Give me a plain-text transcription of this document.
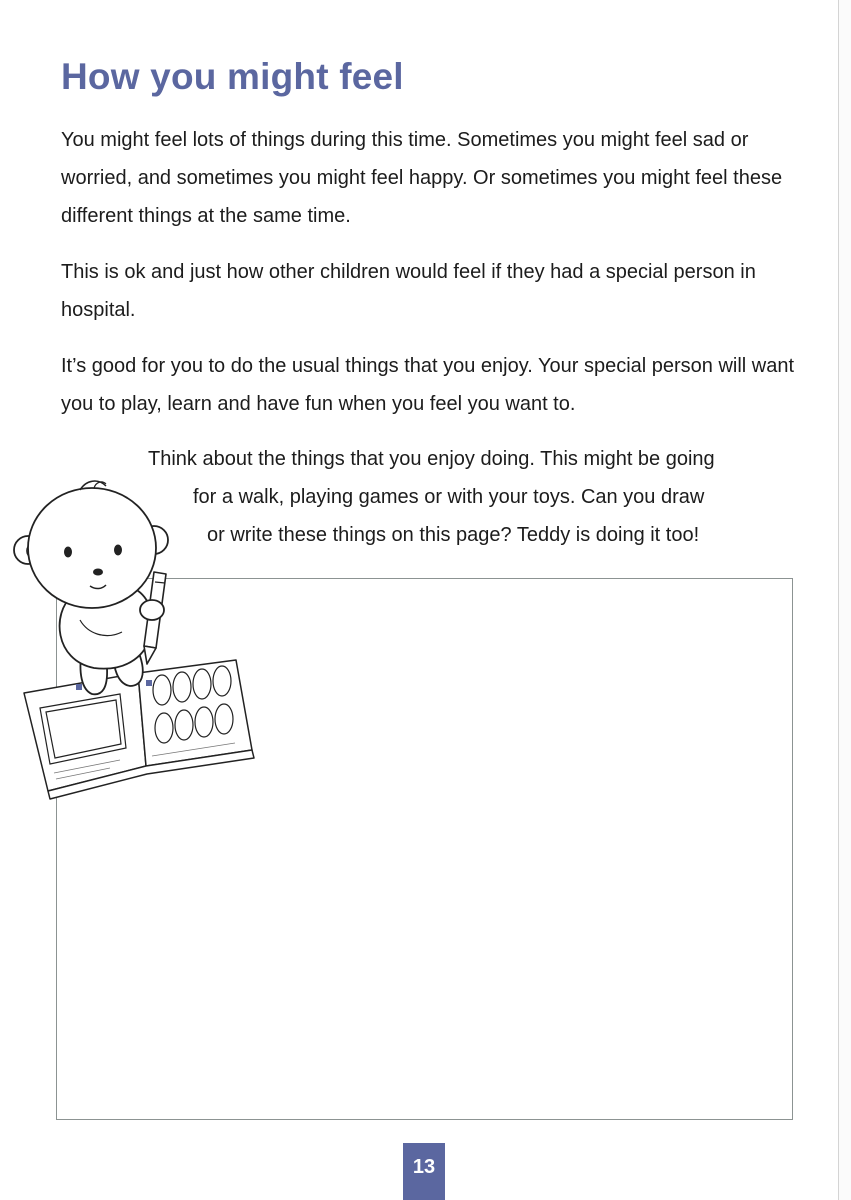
How you might feel

You might feel lots of things during this time. Sometimes you might feel sad or worried, and sometimes you might feel happy. Or sometimes you might feel these different things at the same time.

This is ok and just how other children would feel if they had a special person in hospital.

It’s good for you to do the usual things that you enjoy. Your special person will want you to play, learn and have fun when you feel you want to.

Think about the things that you enjoy doing. This might be going

for a walk, playing games or with your toys. Can you draw

or write these things on this page? Teddy is doing it too!

13
